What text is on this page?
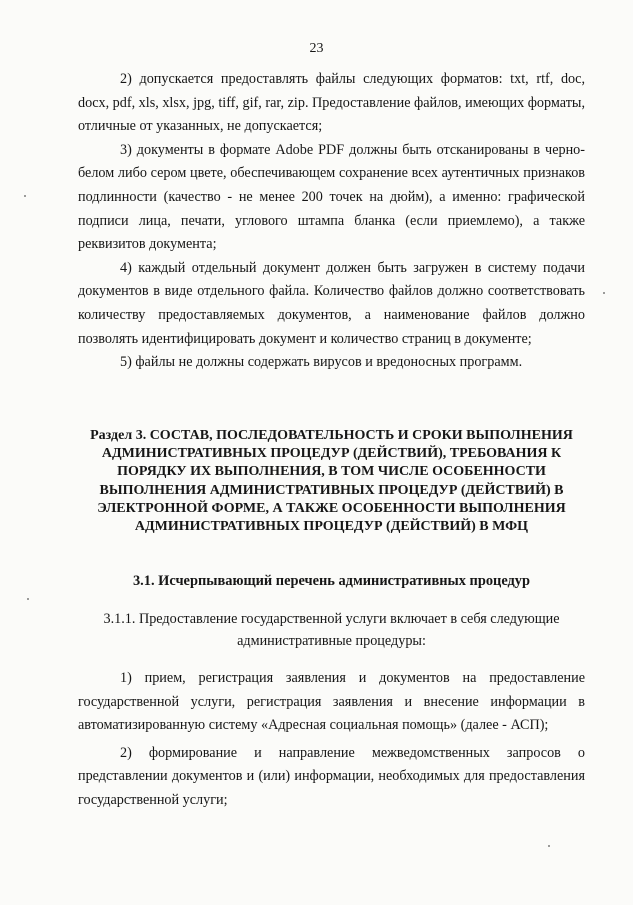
23

2) допускается предоставлять файлы следующих форматов: txt, rtf, doc, docx, pdf, xls, xlsx, jpg, tiff, gif, rar, zip. Предоставление файлов, имеющих форматы, отличные от указанных, не допускается;

3) документы в формате Adobe PDF должны быть отсканированы в черно-белом либо сером цвете, обеспечивающем сохранение всех аутентичных признаков подлинности (качество - не менее 200 точек на дюйм), а именно: графической подписи лица, печати, углового штампа бланка (если приемлемо), а также реквизитов документа;

4) каждый отдельный документ должен быть загружен в систему подачи документов в виде отдельного файла. Количество файлов должно соответствовать количеству предоставляемых документов, а наименование файлов должно позволять идентифицировать документ и количество страниц в документе;

5) файлы не должны содержать вирусов и вредоносных программ.

Раздел 3. СОСТАВ, ПОСЛЕДОВАТЕЛЬНОСТЬ И СРОКИ ВЫПОЛНЕНИЯ АДМИНИСТРАТИВНЫХ ПРОЦЕДУР (ДЕЙСТВИЙ), ТРЕБОВАНИЯ К ПОРЯДКУ ИХ ВЫПОЛНЕНИЯ, В ТОМ ЧИСЛЕ ОСОБЕННОСТИ ВЫПОЛНЕНИЯ АДМИНИСТРАТИВНЫХ ПРОЦЕДУР (ДЕЙСТВИЙ) В ЭЛЕКТРОННОЙ ФОРМЕ, А ТАКЖЕ ОСОБЕННОСТИ ВЫПОЛНЕНИЯ АДМИНИСТРАТИВНЫХ ПРОЦЕДУР (ДЕЙСТВИЙ) В МФЦ
3.1. Исчерпывающий перечень административных процедур
3.1.1. Предоставление государственной услуги включает в себя следующие административные процедуры:

1) прием, регистрация заявления и документов на предоставление государственной услуги, регистрация заявления и внесение информации в автоматизированную систему «Адресная социальная помощь» (далее - АСП);

2) формирование и направление межведомственных запросов о представлении документов и (или) информации, необходимых для предоставления государственной услуги;
